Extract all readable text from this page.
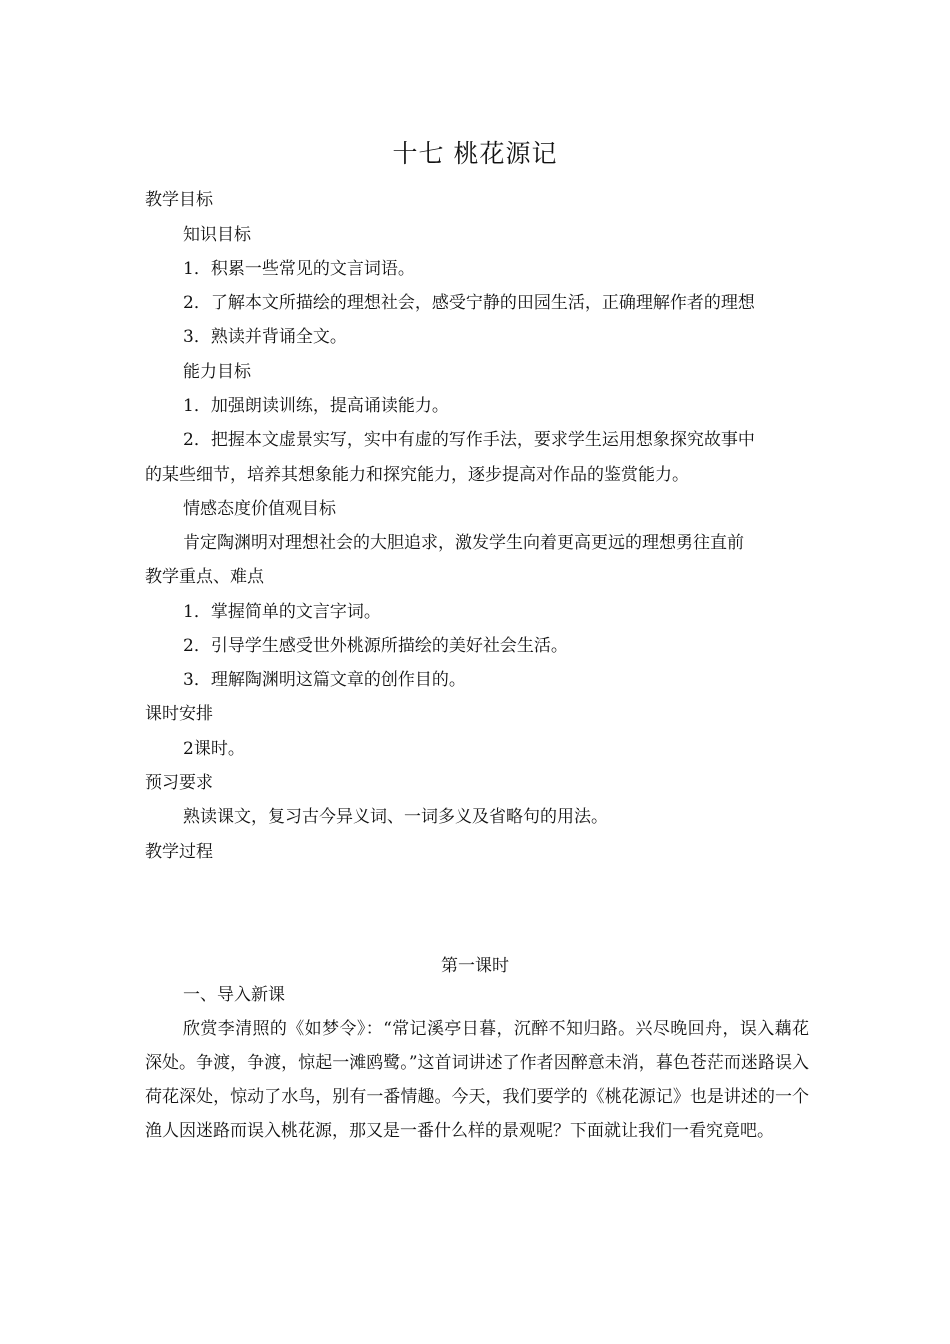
十七 桃花源记
教学目标
知识目标
1．积累一些常见的文言词语。
2．了解本文所描绘的理想社会，感受宁静的田园生活，正确理解作者的理想
3．熟读并背诵全文。
能力目标
1．加强朗读训练，提高诵读能力。
2．把握本文虚景实写，实中有虚的写作手法，要求学生运用想象探究故事中
的某些细节，培养其想象能力和探究能力，逐步提高对作品的鉴赏能力。
情感态度价值观目标
肯定陶渊明对理想社会的大胆追求，激发学生向着更高更远的理想勇往直前
教学重点、难点
1．掌握简单的文言字词。
2．引导学生感受世外桃源所描绘的美好社会生活。
3．理解陶渊明这篇文章的创作目的。
课时安排
2课时。
预习要求
熟读课文，复习古今异义词、一词多义及省略句的用法。
教学过程
第一课时
一、导入新课
欣赏李清照的《如梦令》：“常记溪亭日暮，沉醉不知归路。兴尽晚回舟，误入藕花深处。争渡，争渡，惊起一滩鸥鹭。”这首词讲述了作者因醉意未消，暮色苍茫而迷路误入荷花深处，惊动了水鸟，别有一番情趣。今天，我们要学的《桃花源记》也是讲述的一个渔人因迷路而误入桃花源，那又是一番什么样的景观呢？下面就让我们一看究竟吧。
